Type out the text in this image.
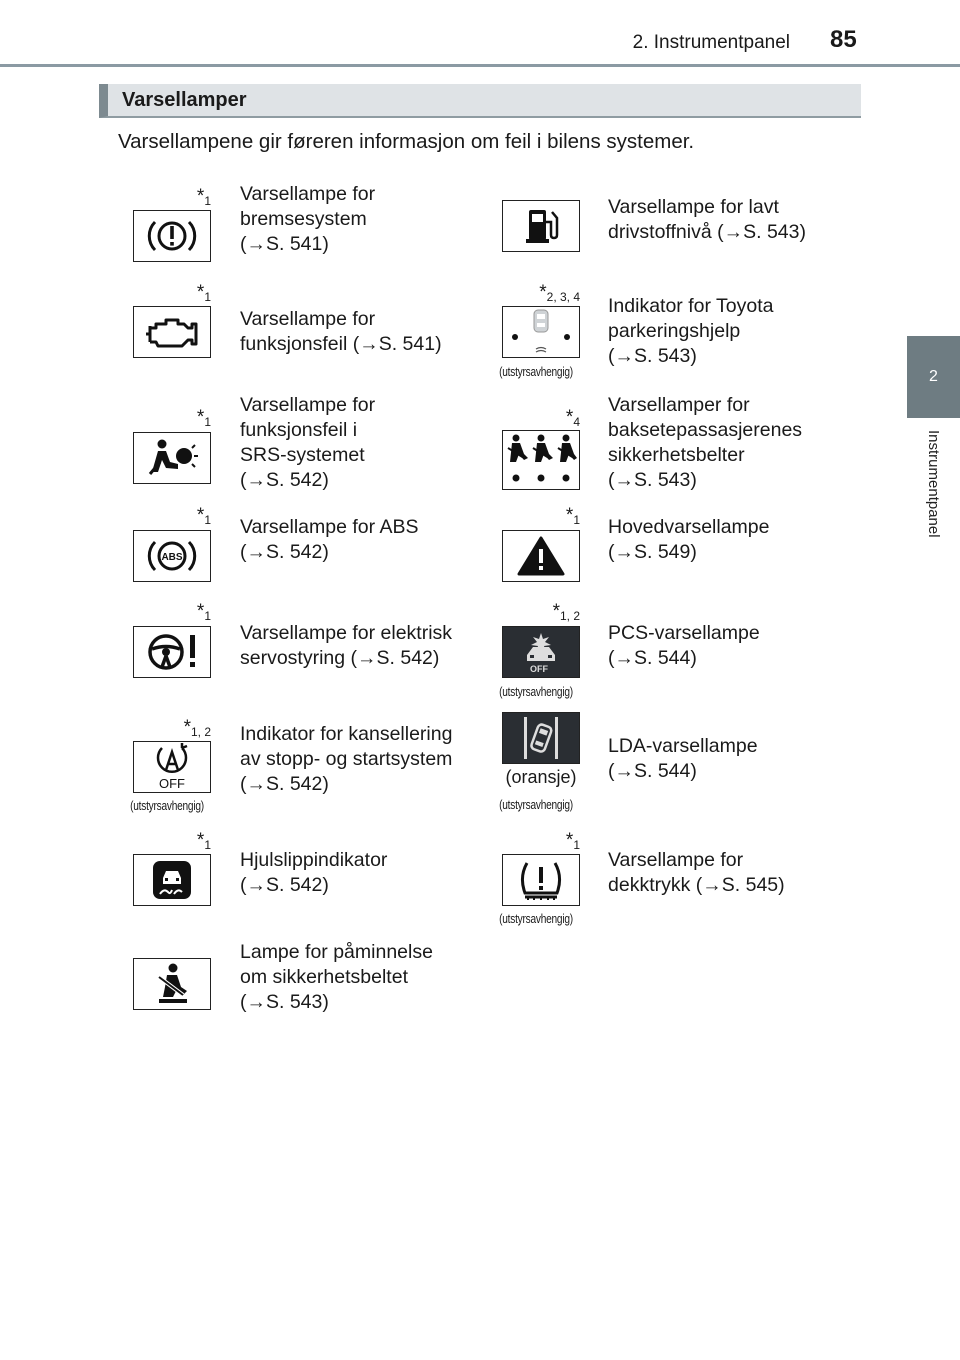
2. Instrumentpanel 85
2
Instrumentpanel
Varsellamper
Varsellampene gir føreren informasjon om feil i bilens systemer.
$*_1$ Varsellampe for
bremsesystem
(→S. 541)
Varsellampe for lavt
drivstoffnivå (→S. 543)
$*_1$
Varsellampe for
funksjonsfeil (→S. 541)
$*_{2, 3, 4}$
(utstyrsavhengig)
Indikator for Toyota
parkeringshjelp
(→S. 543)
$*_1$
Varsellampe for
funksjonsfeil i
SRS-systemet
(→S. 542)
$*_4$
Varsellamper for
baksetepassasjerenes
sikkerhetsbelter
(→S. 543)
$*_1$
ABS
Varsellampe for ABS
(→S. 542)
$*_1$ Hovedvarsellampe
(→S. 549)
$*_1$
Varsellampe for elektrisk
servostyring (→S. 542)
$*_{1, 2}$
OFF
(utstyrsavhengig)
PCS-varsellampe
(→S. 544)
$*_{1, 2}$
OFF
(utstyrsavhengig)
Indikator for kansellering
av stopp- og startsystem
(→S. 542)	(oransje)
(utstyrsavhengig)
LDA-varsellampe
(→S. 544)
$*_1$
Hjulslippindikator
(→S. 542)
$*_1$
(utstyrsavhengig)
Varsellampe for
dekktrykk (→S. 545)
Lampe for påminnelse
om sikkerhetsbeltet
(→S. 543)
